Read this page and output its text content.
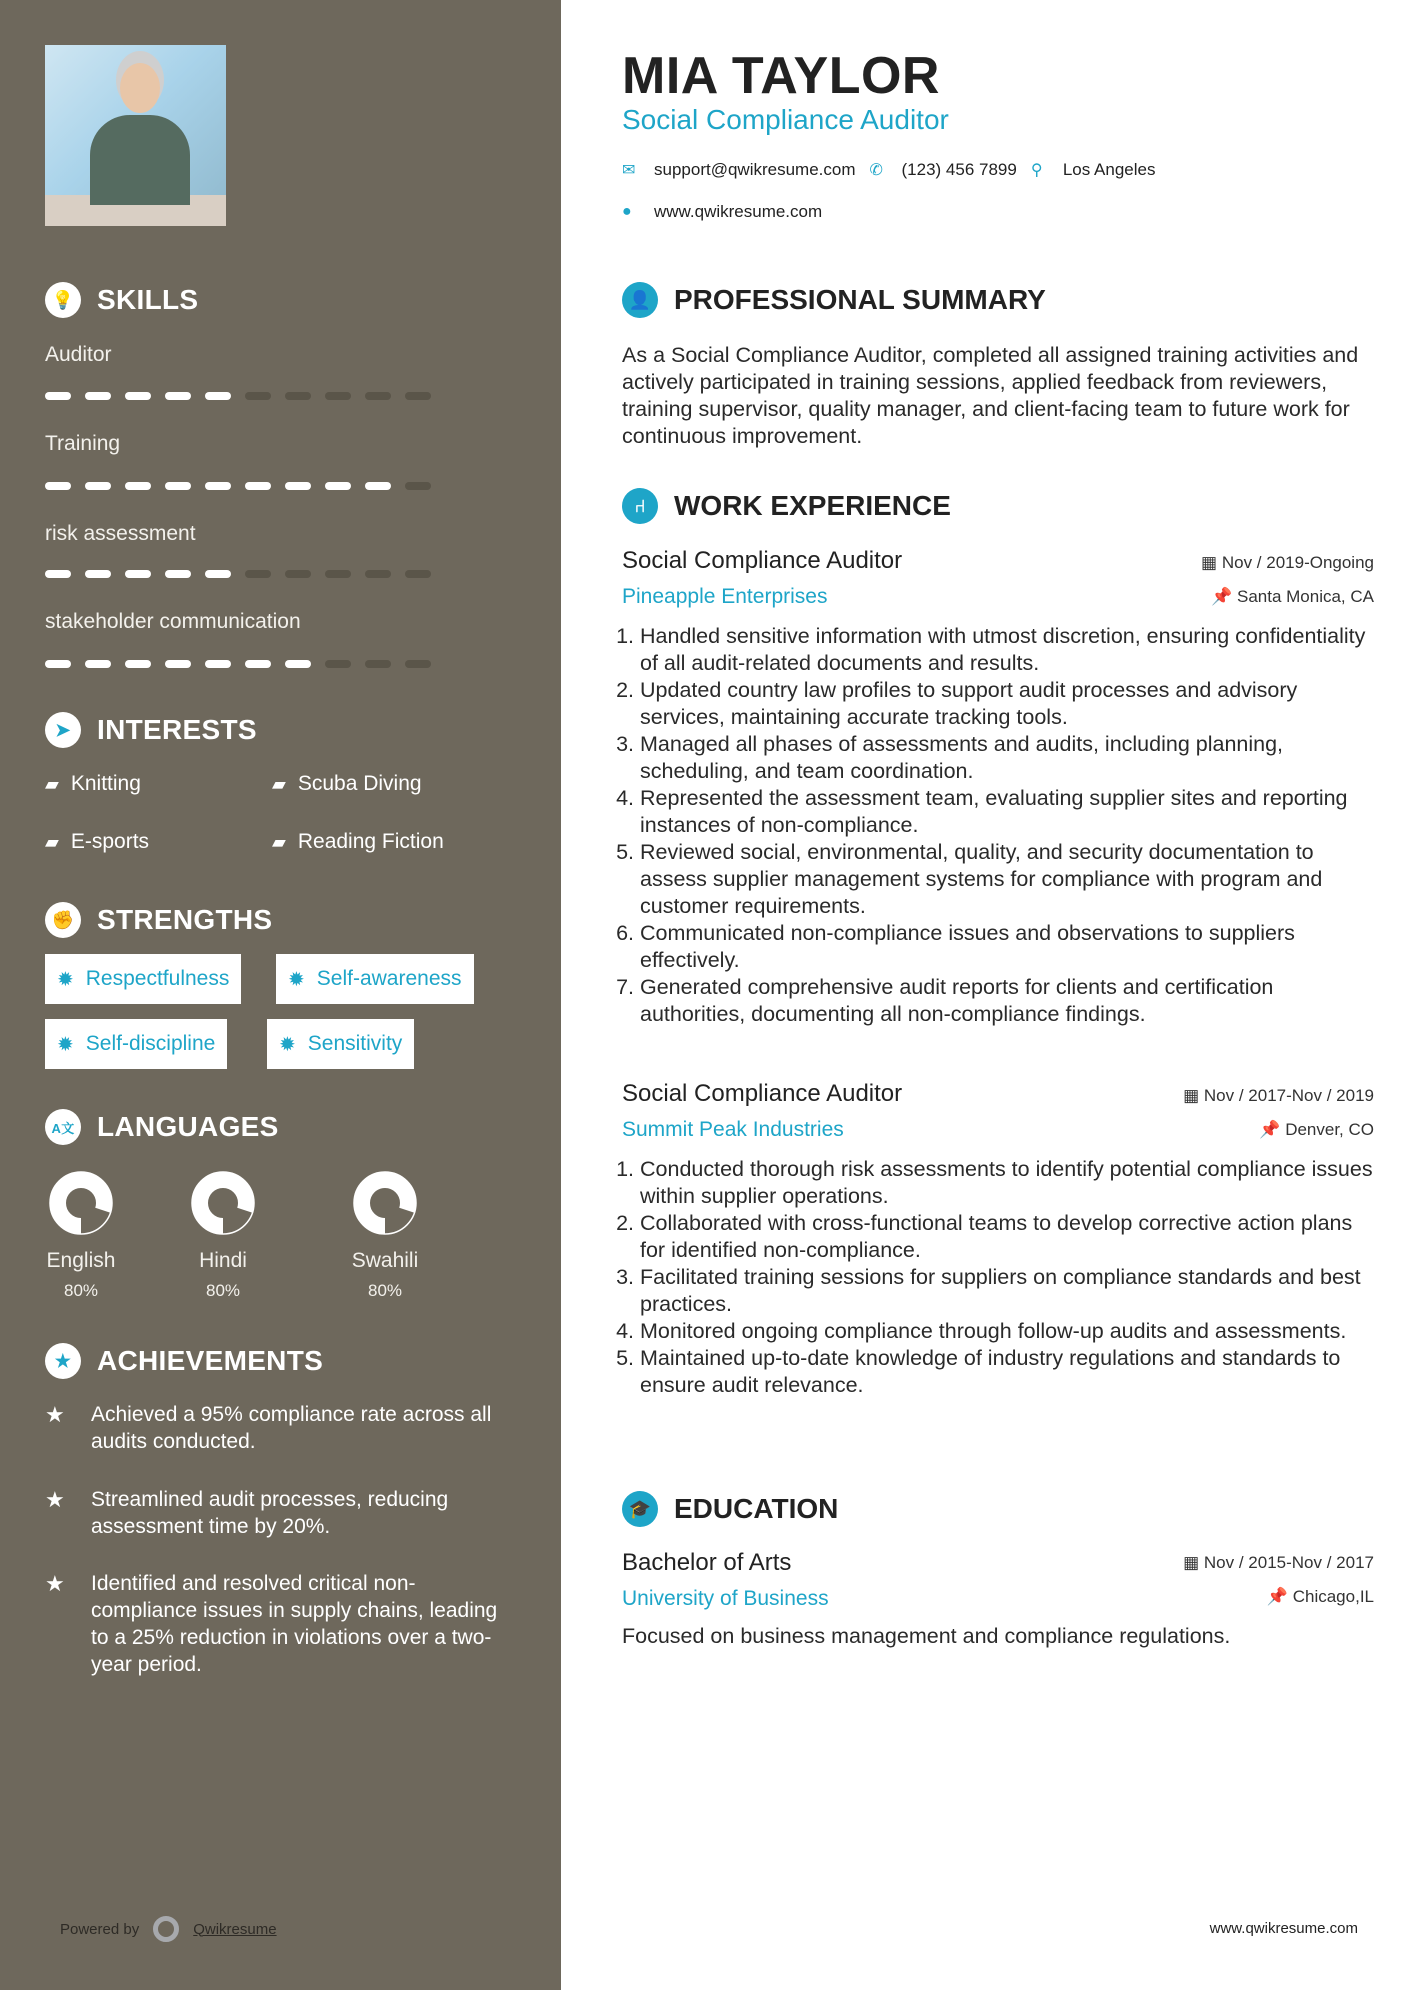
💡 SKILLS
Auditor
Training
risk assessment
stakeholder communication
➤ INTERESTS
▰ Knitting	▰ Scuba Diving
▰ E-sports	▰ Reading Fiction
✊ STRENGTHS
✹ Respectfulness	✹ Self-awareness
✹ Self-discipline	✹ Sensitivity
A文 LANGUAGES
English
80%
Hindi
80%
Swahili
80%
★ ACHIEVEMENTS
★	Achieved a 95% compliance rate across all audits conducted.
★	Streamlined audit processes, reducing assessment time by 20%.
★	Identified and resolved critical non-compliance issues in supply chains, leading to a 25% reduction in violations over a two-year period.
Powered by	Qwikresume
MIA TAYLOR
Social Compliance Auditor
✉ support@qwikresume.com ✆ (123) 456 7899 ⚲	Los Angeles
●	www.qwikresume.com
👤 PROFESSIONAL SUMMARY
As a Social Compliance Auditor, completed all assigned training activities and actively participated in training sessions, applied feedback from reviewers, training supervisor, quality manager, and client-facing team to future work for continuous improvement.
⑁	WORK EXPERIENCE
Social Compliance Auditor
Pineapple Enterprises
▦ Nov / 2019-Ongoing
📌 Santa Monica, CA
1. Handled sensitive information with utmost discretion, ensuring confidentiality of all audit-related documents and results.
2. Updated country law profiles to support audit processes and advisory services, maintaining accurate tracking tools.
3. Managed all phases of assessments and audits, including planning, scheduling, and team coordination.
4. Represented the assessment team, evaluating supplier sites and reporting instances of non-compliance.
5. Reviewed social, environmental, quality, and security documentation to assess supplier management systems for compliance with program and customer requirements.
6. Communicated non-compliance issues and observations to suppliers effectively.
7. Generated comprehensive audit reports for clients and certification authorities, documenting all non-compliance findings.
Social Compliance Auditor
Summit Peak Industries
▦ Nov / 2017-Nov / 2019
📌 Denver, CO
1. Conducted thorough risk assessments to identify potential compliance issues within supplier operations.
2. Collaborated with cross-functional teams to develop corrective action plans for identified non-compliance.
3. Facilitated training sessions for suppliers on compliance standards and best practices.
4. Monitored ongoing compliance through follow-up audits and assessments.
5. Maintained up-to-date knowledge of industry regulations and standards to ensure audit relevance.
🎓 EDUCATION
Bachelor of Arts
University of Business
▦ Nov / 2015-Nov / 2017
📌 Chicago,IL
Focused on business management and compliance regulations.
www.qwikresume.com
